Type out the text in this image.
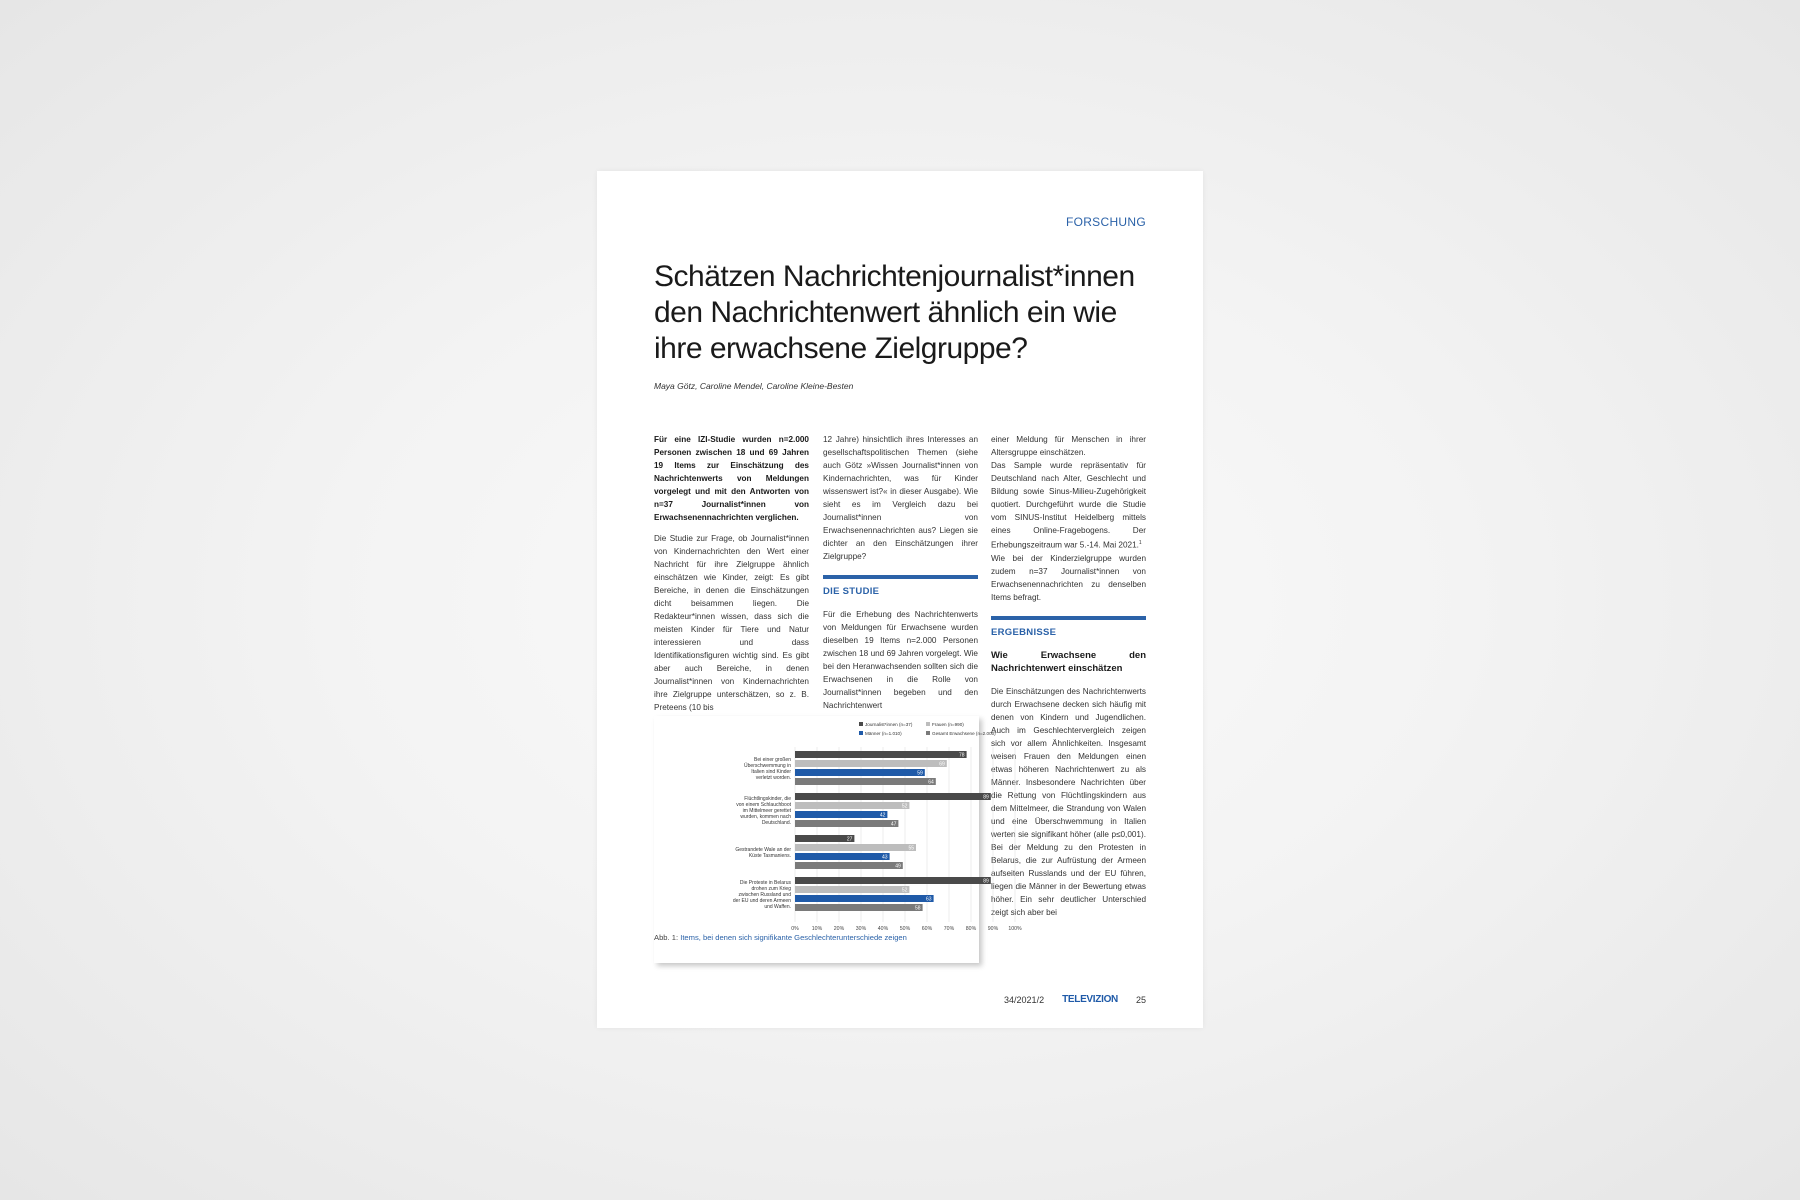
FORSCHUNG
Schätzen Nachrichtenjournalist*innen den Nachrichtenwert ähnlich ein wie ihre erwachsene Zielgruppe?
Maya Götz, Caroline Mendel, Caroline Kleine-Besten

Für eine IZI-Studie wurden n=2.000 Personen zwischen 18 und 69 Jahren 19 Items zur Einschätzung des Nachrichtenwerts von Meldungen vorgelegt und mit den Antworten von n=37 Journalist*innen von Erwachsenennachrichten verglichen.

Die Studie zur Frage, ob Journalist*innen von Kindernachrichten den Wert einer Nachricht für ihre Zielgruppe ähnlich einschätzen wie Kinder, zeigt: Es gibt Bereiche, in denen die Einschätzungen dicht beisammen liegen. Die Redakteur*innen wissen, dass sich die meisten Kinder für Tiere und Natur interessieren und dass Identifikationsfiguren wichtig sind. Es gibt aber auch Bereiche, in denen Journalist*innen von Kindernachrichten ihre Zielgruppe unterschätzen, so z. B. Preteens (10 bis

12 Jahre) hinsichtlich ihres Interesses an gesellschaftspolitischen Themen (siehe auch Götz »Wissen Journalist*innen von Kindernachrichten, was für Kinder wissenswert ist?« in dieser Ausgabe). Wie sieht es im Vergleich dazu bei Journalist*innen von Erwachsenennachrichten aus? Liegen sie dichter an den Einschätzungen ihrer Zielgruppe?

DIE STUDIE

Für die Erhebung des Nachrichtenwerts von Meldungen für Erwachsene wurden dieselben 19 Items n=2.000 Personen zwischen 18 und 69 Jahren vorgelegt. Wie bei den Heranwachsenden sollten sich die Erwachsenen in die Rolle von Journalist*innen begeben und den Nachrichtenwert

einer Meldung für Menschen in ihrer Altersgruppe einschätzen.

Das Sample wurde repräsentativ für Deutschland nach Alter, Geschlecht und Bildung sowie Sinus-Milieu-Zugehörigkeit quotiert. Durchgeführt wurde die Studie vom SINUS-Institut Heidelberg mittels eines Online-Fragebogens. Der Erhebungszeitraum war 5.-14. Mai 2021.$^1$

Wie bei der Kinderzielgruppe wurden zudem n=37 Journalist*innen von Erwachsenennachrichten zu denselben Items befragt.

ERGEBNISSE
Wie Erwachsene den Nachrichtenwert einschätzen

Die Einschätzungen des Nachrichtenwerts durch Erwachsene decken sich häufig mit denen von Kindern und Jugendlichen. Auch im Geschlechtervergleich zeigen sich vor allem Ähnlichkeiten. Insgesamt weisen Frauen den Meldungen einen etwas höheren Nachrichtenwert zu als Männer. Insbesondere Nachrichten über die Rettung von Flüchtlingskindern aus dem Mittelmeer, die Strandung von Walen und eine Überschwemmung in Italien werten sie signifikant höher (alle p≤0,001). Bei der Meldung zu den Protesten in Belarus, die zur Aufrüstung der Armeen aufseiten Russlands und der EU führen, liegen die Männer in der Bewertung etwas höher. Ein sehr deutlicher Unterschied zeigt sich aber bei

0%	10% 20% 30% 40% 50% 60% 70% 80% 90% 100%
Journalist*innen (n=37)	Frauen (n=990)
Männer (n=1.010)	Gesamt Erwachsene (n=2.000)
Bei einer großen
Überschwemmung in
Italien sind Kinder
verletzt worden.
78
69
59
64
Flüchtlingskinder, die
von einem Schlauchboot
im Mittelmeer gerettet
wurden, kommen nach
Deutschland.
89
52
42
47
Gestrandete Wale an der
Küste Tasmaniens.
27
55
43
49
Die Proteste in Belarus
drohen zum Krieg
zwischen Russland und
der EU und deren Armeen
und Waffen.
89
52
63
58
Abb. 1: Items, bei denen sich signifikante Geschlechterunterschiede zeigen
34/2021/2 TELEVIZION 25
